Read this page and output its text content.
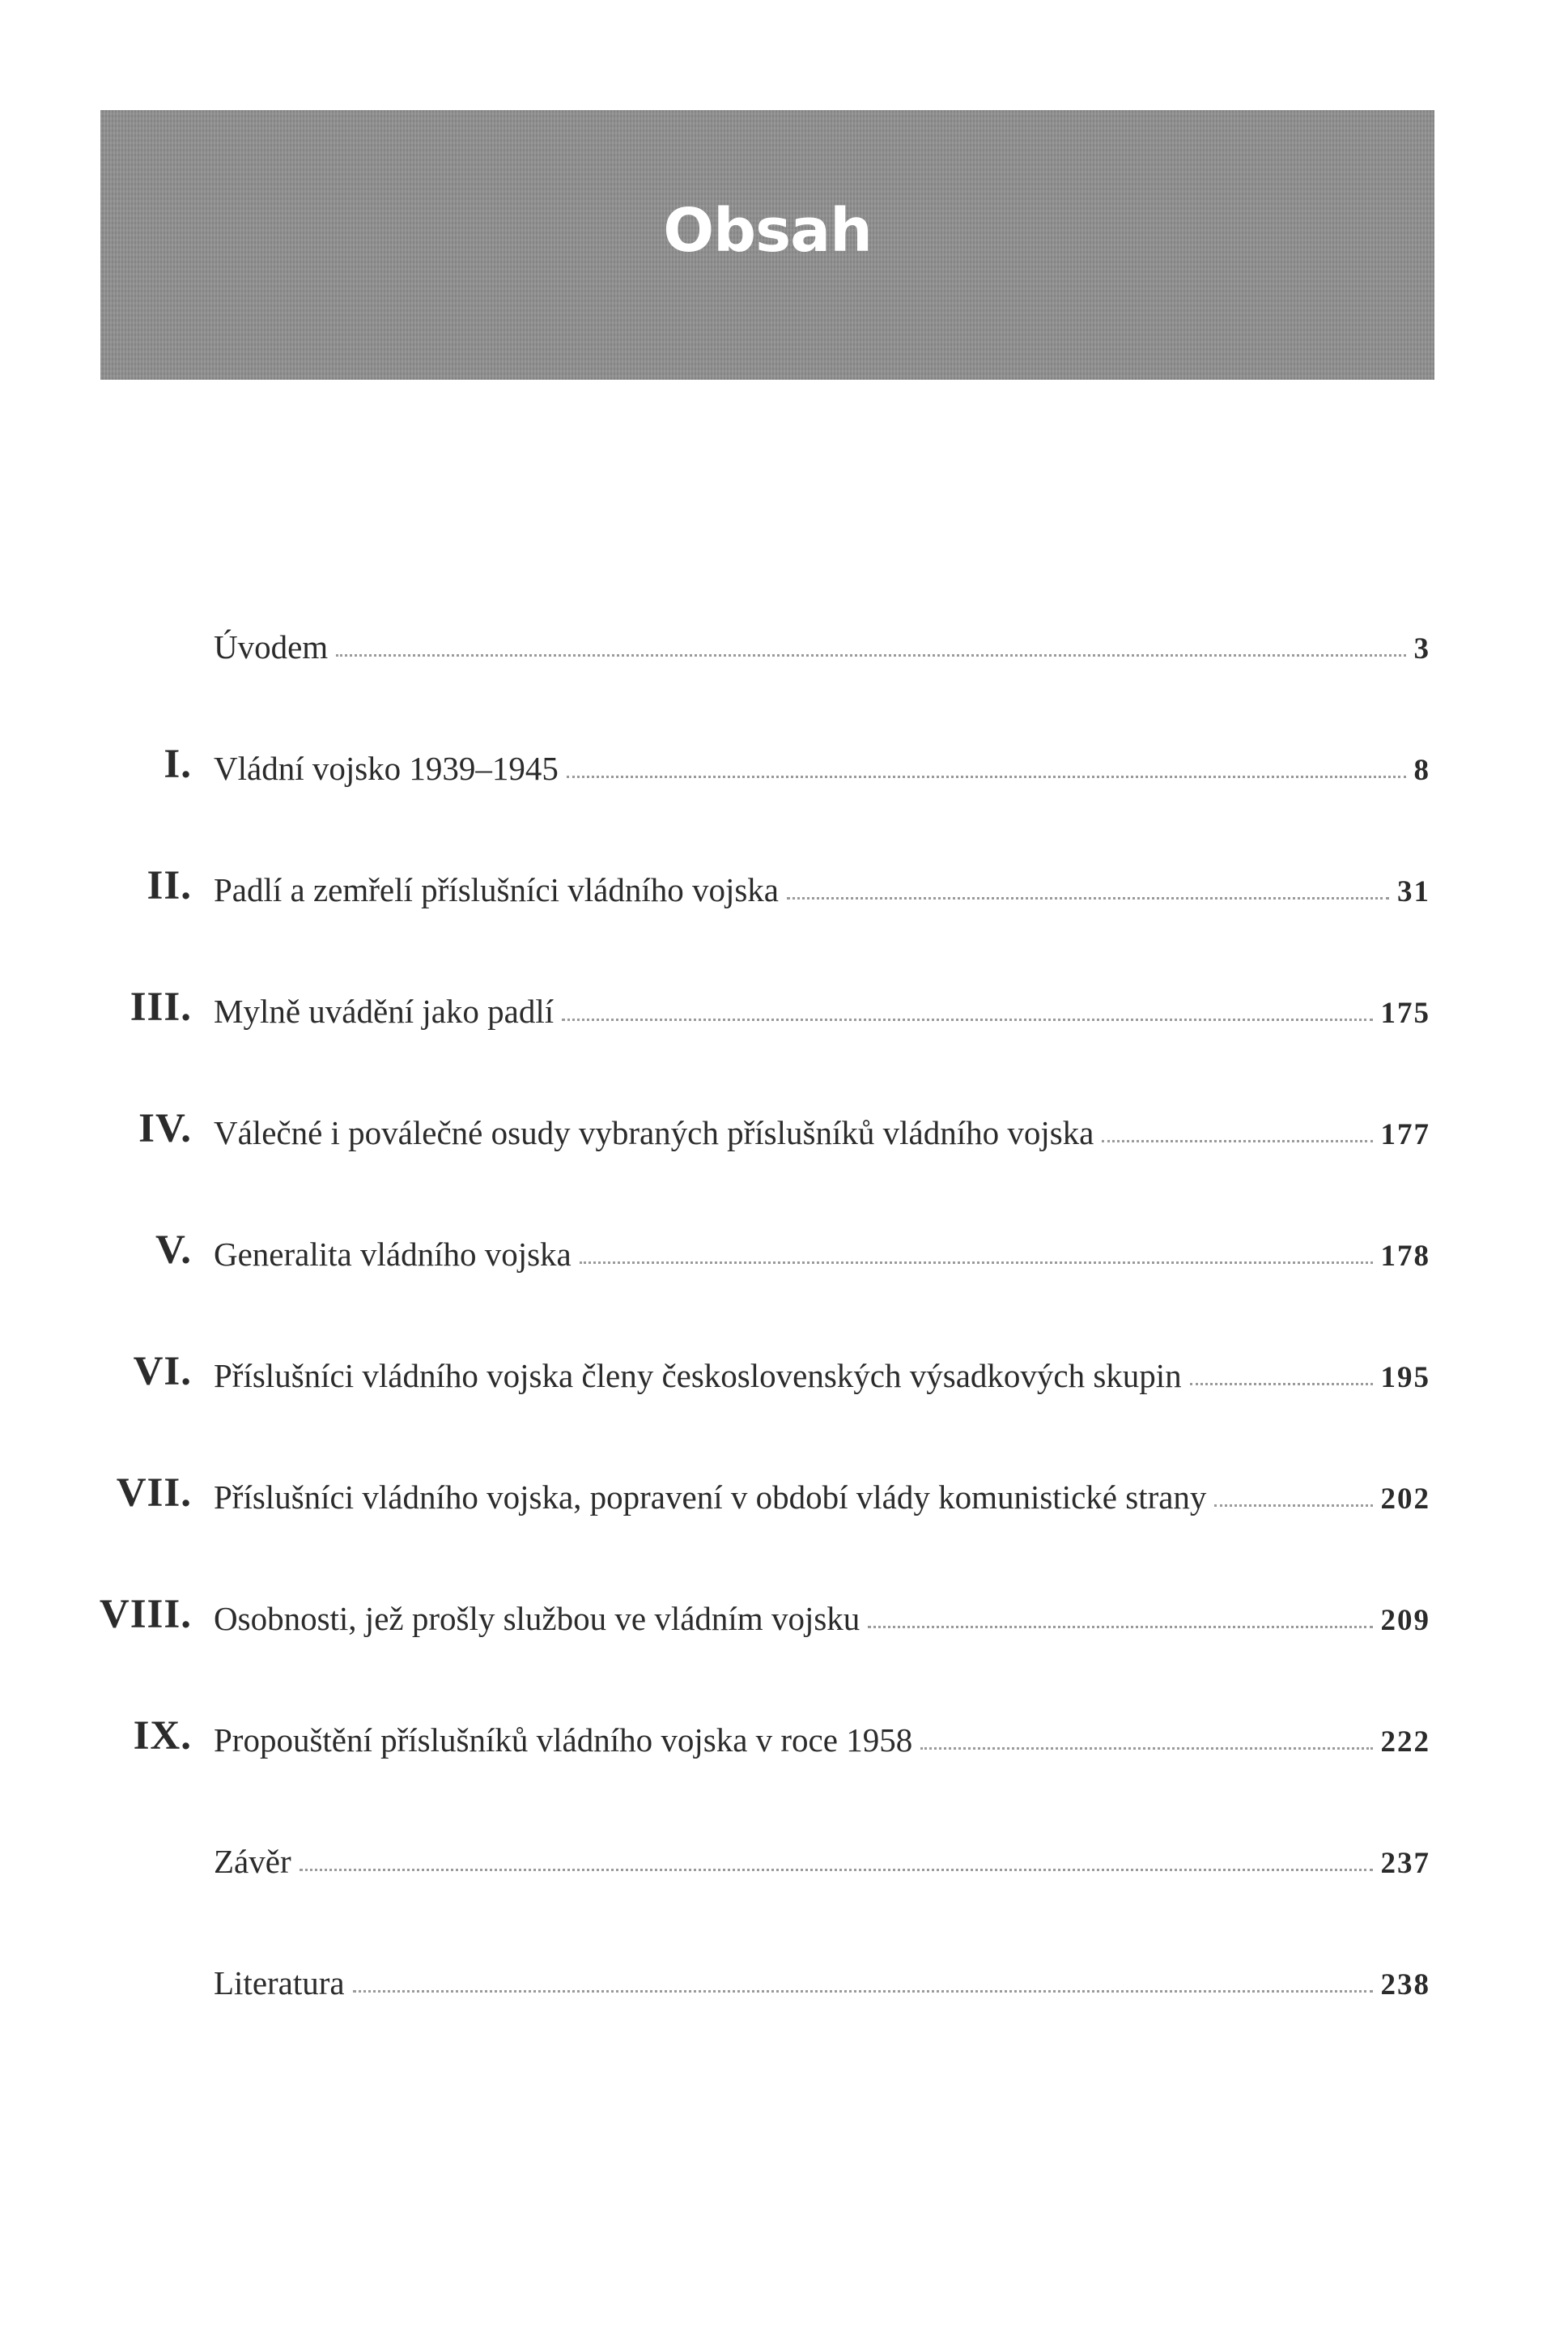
Obsah
Úvodem	3
I. Vládní vojsko 1939–1945	8
II. Padlí a zemřelí příslušníci vládního vojska	31
III. Mylně uvádění jako padlí	175
IV. Válečné i poválečné osudy vybraných příslušníků vládního vojska	177
V. Generalita vládního vojska	178
VI. Příslušníci vládního vojska členy československých výsadkových skupin	195
VII. Příslušníci vládního vojska, popravení v období vlády komunistické strany	202
VIII. Osobnosti, jež prošly službou ve vládním vojsku	209
IX. Propouštění příslušníků vládního vojska v roce 1958	222
Závěr	237
Literatura	238
